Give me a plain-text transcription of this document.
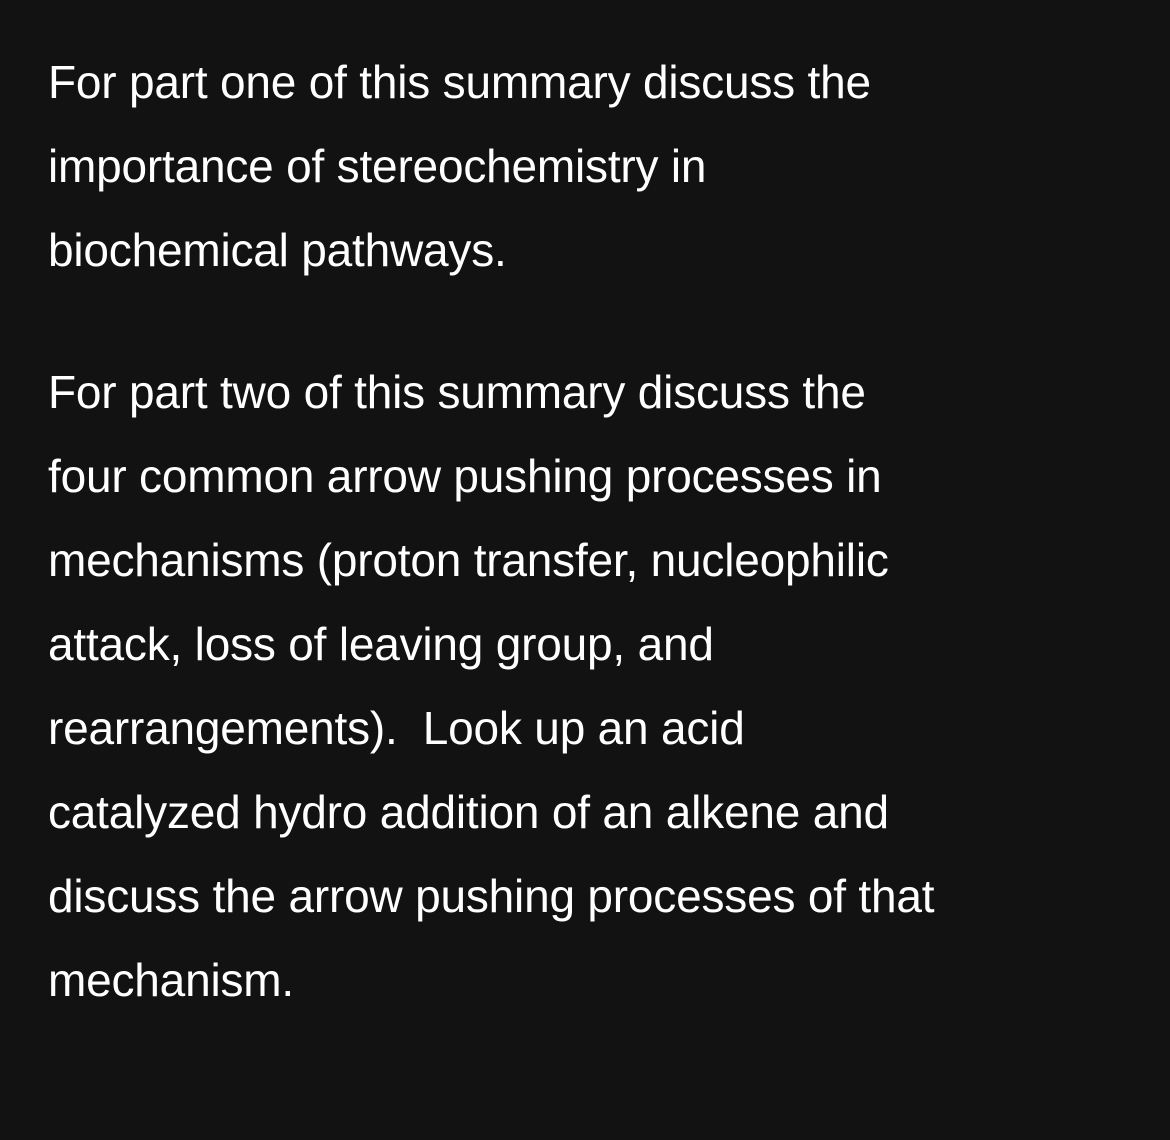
For part one of this summary discuss the
importance of stereochemistry in
biochemical pathways.

For part two of this summary discuss the
four common arrow pushing processes in
mechanisms (proton transfer, nucleophilic
attack, loss of leaving group, and
rearrangements).  Look up an acid
catalyzed hydro addition of an alkene and
discuss the arrow pushing processes of that
mechanism.
